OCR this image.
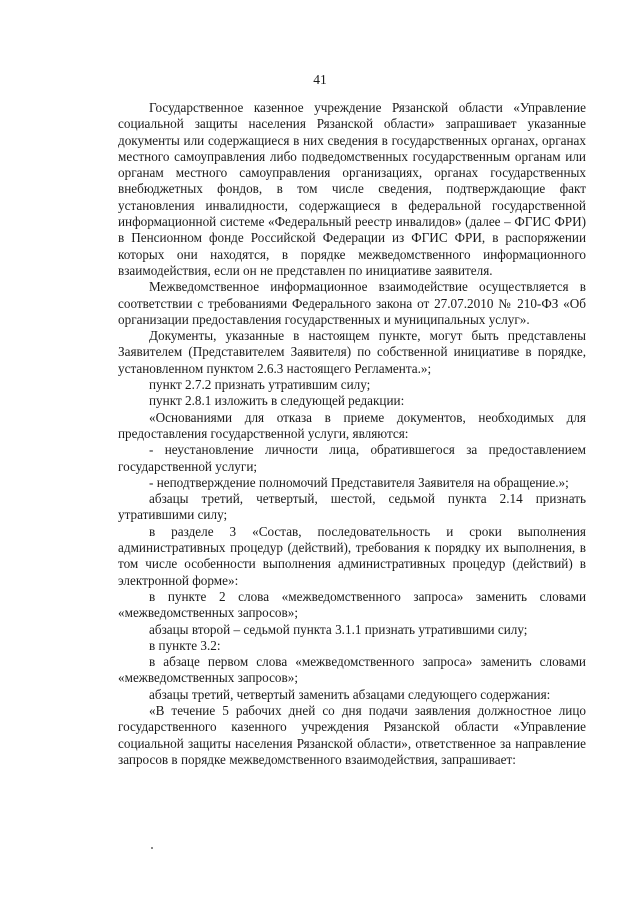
41

Государственное казенное учреждение Рязанской области «Управление социальной защиты населения Рязанской области» запрашивает указанные документы или содержащиеся в них сведения в государственных органах, органах местного самоуправления либо подведомственных государственным органам или органам местного самоуправления организациях, органах государственных внебюджетных фондов, в том числе сведения, подтверждающие факт установления инвалидности, содержащиеся в федеральной государственной информационной системе «Федеральный реестр инвалидов» (далее – ФГИС ФРИ) в Пенсионном фонде Российской Федерации из ФГИС ФРИ, в распоряжении которых они находятся, в порядке межведомственного информационного взаимодействия, если он не представлен по инициативе заявителя.

Межведомственное информационное взаимодействие осуществляется в соответствии с требованиями Федерального закона от 27.07.2010 № 210-ФЗ «Об организации предоставления государственных и муниципальных услуг».

Документы, указанные в настоящем пункте, могут быть представлены Заявителем (Представителем Заявителя) по собственной инициативе в порядке, установленном пунктом 2.6.3 настоящего Регламента.»;

пункт 2.7.2 признать утратившим силу;

пункт 2.8.1 изложить в следующей редакции:

«Основаниями для отказа в приеме документов, необходимых для предоставления государственной услуги, являются:

- неустановление личности лица, обратившегося за предоставлением государственной услуги;

- неподтверждение полномочий Представителя Заявителя на обращение.»;

абзацы третий, четвертый, шестой, седьмой пункта 2.14 признать утратившими силу;

в разделе 3 «Состав, последовательность и сроки выполнения административных процедур (действий), требования к порядку их выполнения, в том числе особенности выполнения административных процедур (действий) в электронной форме»:

в пункте 2 слова «межведомственного запроса» заменить словами «межведомственных запросов»;

абзацы второй – седьмой пункта 3.1.1 признать утратившими силу;

в пункте 3.2:

в абзаце первом слова «межведомственного запроса» заменить словами «межведомственных запросов»;

абзацы третий, четвертый заменить абзацами следующего содержания:

«В течение 5 рабочих дней со дня подачи заявления должностное лицо государственного казенного учреждения Рязанской области «Управление социальной защиты населения Рязанской области», ответственное за направление запросов в порядке межведомственного взаимодействия, запрашивает:
